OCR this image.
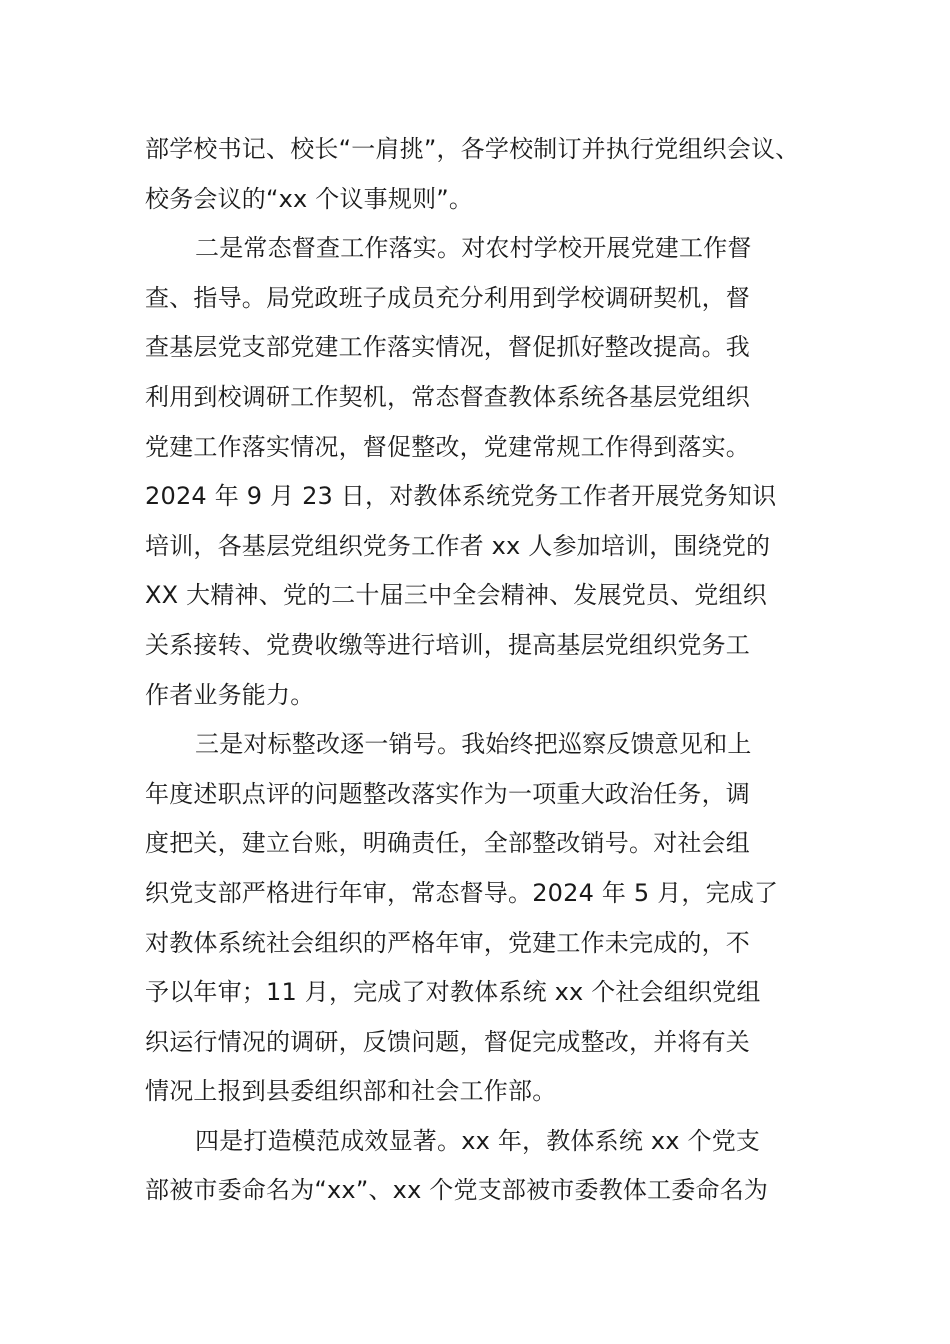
部学校书记、校长“一肩挑”，各学校制订并执行党组织会议、
校务会议的“xx 个议事规则”。
二是常态督查工作落实。对农村学校开展党建工作督
查、指导。局党政班子成员充分利用到学校调研契机，督
查基层党支部党建工作落实情况，督促抓好整改提高。我
利用到校调研工作契机，常态督查教体系统各基层党组织
党建工作落实情况，督促整改，党建常规工作得到落实。
2024 年 9 月 23 日，对教体系统党务工作者开展党务知识
培训，各基层党组织党务工作者 xx 人参加培训，围绕党的
XX 大精神、党的二十届三中全会精神、发展党员、党组织
关系接转、党费收缴等进行培训，提高基层党组织党务工
作者业务能力。
三是对标整改逐一销号。我始终把巡察反馈意见和上
年度述职点评的问题整改落实作为一项重大政治任务，调
度把关，建立台账，明确责任，全部整改销号。对社会组
织党支部严格进行年审，常态督导。2024 年 5 月，完成了
对教体系统社会组织的严格年审，党建工作未完成的，不
予以年审；11 月，完成了对教体系统 xx 个社会组织党组
织运行情况的调研，反馈问题，督促完成整改，并将有关
情况上报到县委组织部和社会工作部。
四是打造模范成效显著。xx 年，教体系统 xx 个党支
部被市委命名为“xx”、xx 个党支部被市委教体工委命名为
